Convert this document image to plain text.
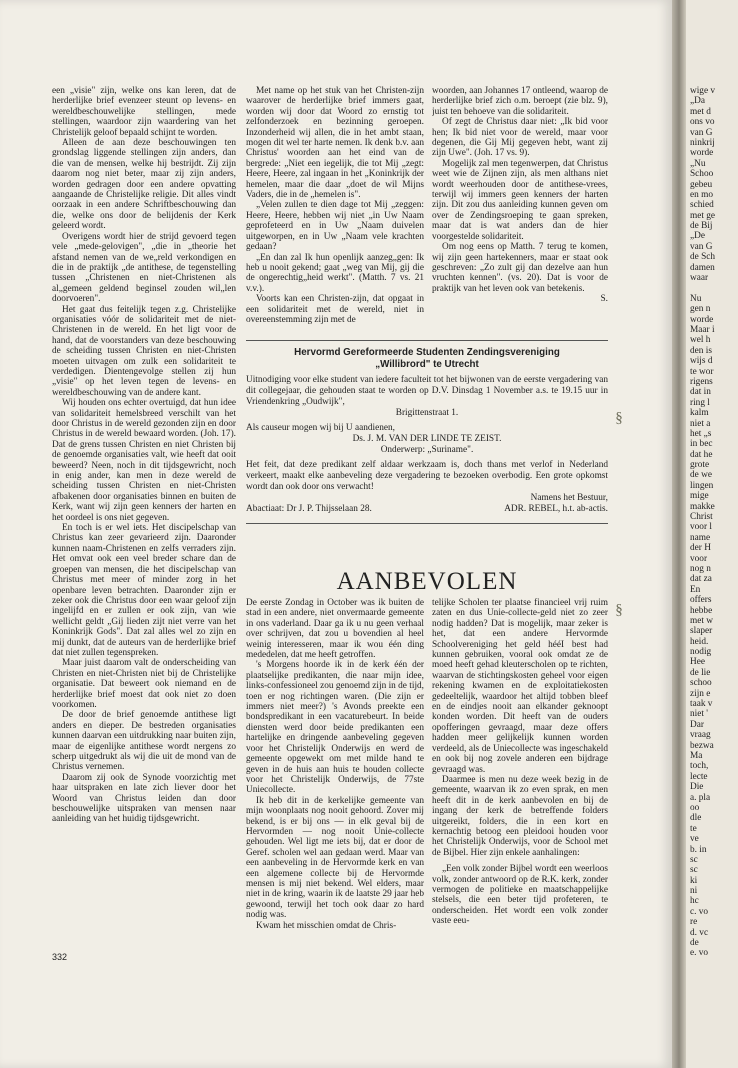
een „visie" zijn, welke ons kan leren, dat de herderlijke brief evenzeer steunt op levens- en wereldbeschouwelijke stellingen, mede stellingen, waardoor zijn waardering van het Christelijk geloof bepaald schijnt te worden.

Alleen de aan deze beschouwingen ten grondslag liggende stellingen zijn anders, dan die van de mensen, welke hij bestrijdt. Zij zijn daarom nog niet beter, maar zij zijn anders, worden gedragen door een andere opvatting aangaande de Christelijke religie. Dit alles vindt oorzaak in een andere Schriftbeschouwing dan die, welke ons door de belijdenis der Kerk geleerd wordt.

Overigens wordt hier de strijd gevoerd tegen vele „mede-gelovigen", „die in „theorie het afstand nemen van de we„reld verkondigen en die in de praktijk „de antithese, de tegenstelling tussen „Christenen en niet-Christenen als al„gemeen geldend beginsel zouden wil„len doorvoeren".

Het gaat dus feitelijk tegen z.g. Christelijke organisaties vóór de solidariteit met de niet-Christenen in de wereld. En het ligt voor de hand, dat de voorstanders van deze beschouwing de scheiding tussen Christen en niet-Christen moeten uitvagen om zulk een solidariteit te verdedigen. Dientengevolge stellen zij hun „visie" op het leven tegen de levens- en wereldbeschouwing van de andere kant.

Wij houden ons echter overtuigd, dat hun idee van solidariteit hemelsbreed verschilt van het door Christus in de wereld gezonden zijn en door Christus in de wereld bewaard worden. (Joh. 17). Dat de grens tussen Christen en niet Christen bij de genoemde organisaties valt, wie heeft dat ooit beweerd? Neen, noch in dit tijdsgewricht, noch in enig ander, kan men in deze wereld de scheiding tussen Christen en niet-Christen afbakenen door organisaties binnen en buiten de Kerk, want wij zijn geen kenners der harten en het oordeel is ons niet gegeven.

En toch is er wel iets. Het discipelschap van Christus kan zeer gevarieerd zijn. Daaronder kunnen naam-Christenen en zelfs verraders zijn. Het omvat ook een veel breder schare dan de groepen van mensen, die het discipelschap van Christus met meer of minder zorg in het openbare leven betrachten. Daaronder zijn er zeker ook die Christus door een waar geloof zijn ingelijfd en er zullen er ook zijn, van wie wellicht geldt „Gij lieden zijt niet verre van het Koninkrijk Gods". Dat zal alles wel zo zijn en mij dunkt, dat de auteurs van de herderlijke brief dat niet zullen tegenspreken.

Maar juist daarom valt de onderscheiding van Christen en niet-Christen niet bij de Christelijke organisatie. Dat beweert ook niemand en de herderlijke brief moest dat ook niet zo doen voorkomen.

De door de brief genoemde antithese ligt anders en dieper. De bestreden organisaties kunnen daarvan een uitdrukking naar buiten zijn, maar de eigenlijke antithese wordt nergens zo scherp uitgedrukt als wij die uit de mond van de Christus vernemen.

Daarom zij ook de Synode voorzichtig met haar uitspraken en late zich liever door het Woord van Christus leiden dan door beschouwelijke uitspraken van mensen naar aanleiding van het huidig tijdsgewricht.

Met name op het stuk van het Christen-zijn waarover de herderlijke brief immers gaat, worden wij door dat Woord zo ernstig tot zelfonderzoek en bezinning geroepen. Inzonderheid wij allen, die in het ambt staan, mogen dit wel ter harte nemen. Ik denk b.v. aan Christus' woorden aan het eind van de bergrede: „Niet een iegelijk, die tot Mij „zegt: Heere, Heere, zal ingaan in het „Koninkrijk der hemelen, maar die daar „doet de wil Mijns Vaders, die in de „hemelen is".

„Velen zullen te dien dage tot Mij „zeggen: Heere, Heere, hebben wij niet „in Uw Naam geprofeteerd en in Uw „Naam duivelen uitgeworpen, en in Uw „Naam vele krachten gedaan?

„En dan zal Ik hun openlijk aanzeg„gen: Ik heb u nooit gekend; gaat „weg van Mij, gij die de ongerechtig„heid werkt". (Matth. 7 vs. 21 v.v.).

Voorts kan een Christen-zijn, dat opgaat in een solidariteit met de wereld, niet in overeenstemming zijn met de

woorden, aan Johannes 17 ontleend, waarop de herderlijke brief zich o.m. beroept (zie blz. 9), juist ten behoeve van die solidariteit.

Of zegt de Christus daar niet: „Ik bid voor hen; Ik bid niet voor de wereld, maar voor degenen, die Gij Mij gegeven hebt, want zij zijn Uwe". (Joh. 17 vs. 9).

Mogelijk zal men tegenwerpen, dat Christus weet wie de Zijnen zijn, als men althans niet wordt weerhouden door de antithese-vrees, terwijl wij immers geen kenners der harten zijn. Dit zou dus aanleiding kunnen geven om over de Zendingsroeping te gaan spreken, maar dat is wat anders dan de hier voorgestelde solidariteit.

Om nog eens op Matth. 7 terug te komen, wij zijn geen hartekenners, maar er staat ook geschreven: „Zo zult gij dan dezelve aan hun vruchten kennen". (vs. 20). Dat is voor de praktijk van het leven ook van betekenis.

S.
Hervormd Gereformeerde Studenten Zendingsvereniging
„Willibrord" te Utrecht

Uitnodiging voor elke student van iedere faculteit tot het bijwonen van de eerste vergadering van dit collegejaar, die gehouden staat te worden op D.V. Dinsdag 1 November a.s. te 19.15 uur in Vriendenkring „Oudwijk",

Brigittenstraat 1.

Als causeur mogen wij bij U aandienen,

Ds. J. M. VAN DER LINDE TE ZEIST.

Onderwerp: „Suriname".

Het feit, dat deze predikant zelf aldaar werkzaam is, doch thans met verlof in Nederland verkeert, maakt elke aanbeveling deze vergadering te bezoeken overbodig. Een grote opkomst wordt dan ook door ons verwacht!

Namens het Bestuur,

Abactiaat: Dr J. P. Thijsselaan 28.	ADR. REBEL, h.t. ab-actis.
AANBEVOLEN

De eerste Zondag in October was ik buiten de stad in een andere, niet onvermaarde gemeente in ons vaderland. Daar ga ik u nu geen verhaal over schrijven, dat zou u bovendien al heel weinig interesseren, maar ik wou één ding mededelen, dat me heeft getroffen.

's Morgens hoorde ik in de kerk één der plaatselijke predikanten, die naar mijn idee, links-confessioneel zou genoemd zijn in de tijd, toen er nog richtingen waren. (Die zijn er immers niet meer?) 's Avonds preekte een bondspredikant in een vacaturebeurt. In beide diensten werd door beide predikanten een hartelijke en dringende aanbeveling gegeven voor het Christelijk Onderwijs en werd de gemeente opgewekt om met milde hand te geven in de huis aan huis te houden collecte voor het Christelijk Onderwijs, de 77ste Uniecollecte.

Ik heb dit in de kerkelijke gemeente van mijn woonplaats nog nooit gehoord. Zover mij bekend, is er bij ons — in elk geval bij de Hervormden — nog nooit Unie-collecte gehouden. Wel ligt me iets bij, dat er door de Geref. scholen wel aan gedaan werd. Maar van een aanbeveling in de Hervormde kerk en van een algemene collecte bij de Hervormde mensen is mij niet bekend. Wel elders, maar niet in de kring, waarin ik de laatste 29 jaar heb gewoond, terwijl het toch ook daar zo hard nodig was.

Kwam het misschien omdat de Chris-

telijke Scholen ter plaatse financieel vrij ruim zaten en dus Unie-collecte-geld niet zo zeer nodig hadden? Dat is mogelijk, maar zeker is het, dat een andere Hervormde Schoolvereniging het geld hééI best had kunnen gebruiken, vooral ook omdat ze de moed heeft gehad kleuterscholen op te richten, waarvan de stichtingskosten geheel voor eigen rekening kwamen en de exploitatiekosten gedeeltelijk, waardoor het altijd tobben bleef en de eindjes nooit aan elkander geknoopt konden worden. Dit heeft van de ouders opofferingen gevraagd, maar deze offers hadden meer gelijkelijk kunnen worden verdeeld, als de Uniecollecte was ingeschakeld en ook bij nog zovele anderen een bijdrage gevraagd was.

Daarmee is men nu deze week bezig in de gemeente, waarvan ik zo even sprak, en men heeft dit in de kerk aanbevolen en bij de ingang der kerk de betreffende folders uitgereikt, folders, die in een kort en kernachtig betoog een pleidooi houden voor het Christelijk Onderwijs, voor de School met de Bijbel. Hier zijn enkele aanhalingen:

„Een volk zonder Bijbel wordt een weerloos volk, zonder antwoord op de R.K. kerk, zonder vermogen de politieke en maatschappelijke stelsels, die een beter tijd profeteren, te onderscheiden. Het wordt een volk zonder vaste eeu-

332
§
§
wige v
„Da
met d
ons vo
van G
ninkrij
worde
„Nu
Schoo
gebeu
en mo
schied
met ge
de Bij
„De
van G
de Sch
damen
waar
Nu
gen n
worde
Maar i
wel h
den is
wijs d
te wor
rigens
dat in
ring l
kalm
niet a
het „s
in bec
dat he
grote
de we
lingen
mige
makke
Christ
voor l
name
der H
voor
nog n
dat za
En
offers
hebbe
met w
slaper
heid.
nodig
Hee
de lie
schoo
zijn e
taak v
niet '
Dar
vraag
bezwa
Ma
toch,
lecte
Die
a. pla
oo
dle
te
ve
b. in
sc
sc
ki
ni
hc
c. vo
re
d. vc
de
e. vo
